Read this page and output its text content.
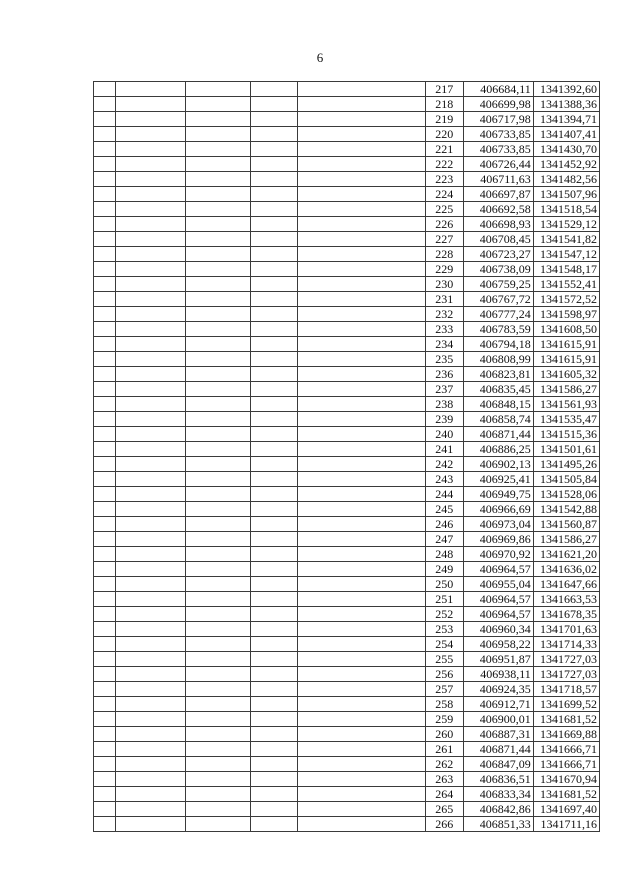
6
					217	406684,11	1341392,60
					218	406699,98	1341388,36
					219	406717,98	1341394,71
					220	406733,85	1341407,41
					221	406733,85	1341430,70
					222	406726,44	1341452,92
					223	406711,63	1341482,56
					224	406697,87	1341507,96
					225	406692,58	1341518,54
					226	406698,93	1341529,12
					227	406708,45	1341541,82
					228	406723,27	1341547,12
					229	406738,09	1341548,17
					230	406759,25	1341552,41
					231	406767,72	1341572,52
					232	406777,24	1341598,97
					233	406783,59	1341608,50
					234	406794,18	1341615,91
					235	406808,99	1341615,91
					236	406823,81	1341605,32
					237	406835,45	1341586,27
					238	406848,15	1341561,93
					239	406858,74	1341535,47
					240	406871,44	1341515,36
					241	406886,25	1341501,61
					242	406902,13	1341495,26
					243	406925,41	1341505,84
					244	406949,75	1341528,06
					245	406966,69	1341542,88
					246	406973,04	1341560,87
					247	406969,86	1341586,27
					248	406970,92	1341621,20
					249	406964,57	1341636,02
					250	406955,04	1341647,66
					251	406964,57	1341663,53
					252	406964,57	1341678,35
					253	406960,34	1341701,63
					254	406958,22	1341714,33
					255	406951,87	1341727,03
					256	406938,11	1341727,03
					257	406924,35	1341718,57
					258	406912,71	1341699,52
					259	406900,01	1341681,52
					260	406887,31	1341669,88
					261	406871,44	1341666,71
					262	406847,09	1341666,71
					263	406836,51	1341670,94
					264	406833,34	1341681,52
					265	406842,86	1341697,40
					266	406851,33	1341711,16
